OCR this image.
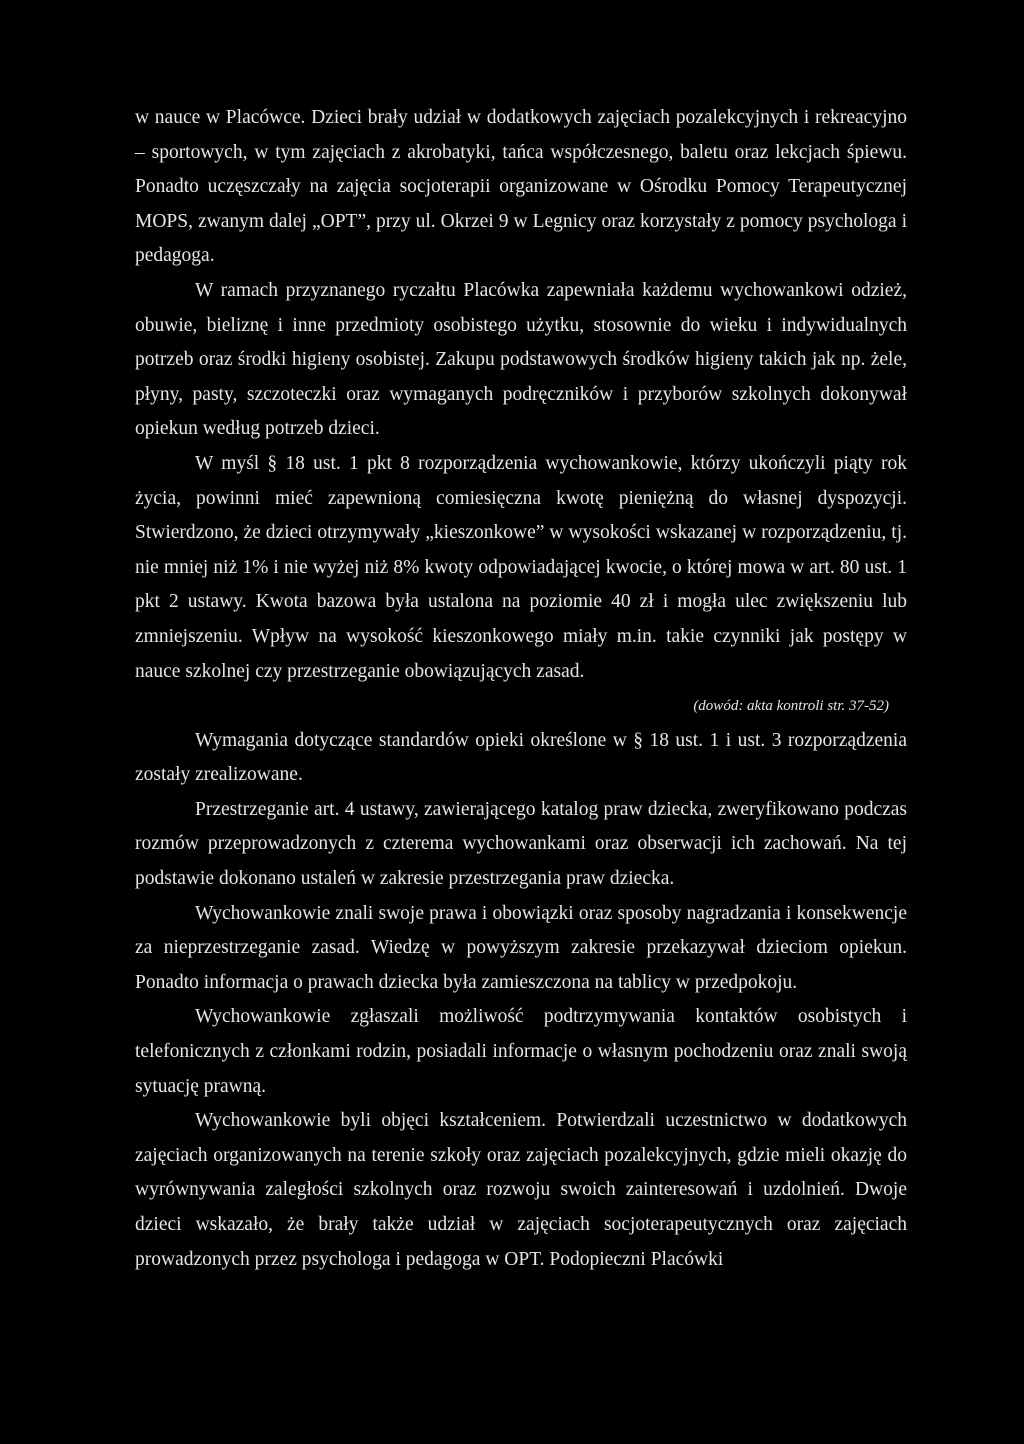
w nauce w Placówce. Dzieci brały udział w dodatkowych zajęciach pozalekcyjnych i rekreacyjno – sportowych, w tym zajęciach z akrobatyki, tańca współczesnego, baletu oraz lekcjach śpiewu. Ponadto uczęszczały na zajęcia socjoterapii organizowane w Ośrodku Pomocy Terapeutycznej MOPS, zwanym dalej „OPT”, przy ul. Okrzei 9 w Legnicy oraz korzystały z pomocy psychologa i pedagoga.

W ramach przyznanego ryczałtu Placówka zapewniała każdemu wychowankowi odzież, obuwie, bieliznę i inne przedmioty osobistego użytku, stosownie do wieku i indywidualnych potrzeb oraz środki higieny osobistej. Zakupu podstawowych środków higieny takich jak np. żele, płyny, pasty, szczoteczki oraz wymaganych podręczników i przyborów szkolnych dokonywał opiekun według potrzeb dzieci.

W myśl § 18 ust. 1 pkt 8 rozporządzenia wychowankowie, którzy ukończyli piąty rok życia, powinni mieć zapewnioną comiesięczna kwotę pieniężną do własnej dyspozycji. Stwierdzono, że dzieci otrzymywały „kieszonkowe” w wysokości wskazanej w rozporządzeniu, tj. nie mniej niż 1% i nie wyżej niż 8% kwoty odpowiadającej kwocie, o której mowa w art. 80 ust. 1 pkt 2 ustawy. Kwota bazowa była ustalona na poziomie 40 zł i mogła ulec zwiększeniu lub zmniejszeniu. Wpływ na wysokość kieszonkowego miały m.in. takie czynniki jak postępy w nauce szkolnej czy przestrzeganie obowiązujących zasad.

(dowód: akta kontroli str. 37-52)

Wymagania dotyczące standardów opieki określone w § 18 ust. 1 i ust. 3 rozporządzenia zostały zrealizowane.

Przestrzeganie art. 4 ustawy, zawierającego katalog praw dziecka, zweryfikowano podczas rozmów przeprowadzonych z czterema wychowankami oraz obserwacji ich zachowań. Na tej podstawie dokonano ustaleń w zakresie przestrzegania praw dziecka.

Wychowankowie znali swoje prawa i obowiązki oraz sposoby nagradzania i konsekwencje za nieprzestrzeganie zasad. Wiedzę w powyższym zakresie przekazywał dzieciom opiekun. Ponadto informacja o prawach dziecka była zamieszczona na tablicy w przedpokoju.

Wychowankowie zgłaszali możliwość podtrzymywania kontaktów osobistych i telefonicznych z członkami rodzin, posiadali informacje o własnym pochodzeniu oraz znali swoją sytuację prawną.

Wychowankowie byli objęci kształceniem. Potwierdzali uczestnictwo w dodatkowych zajęciach organizowanych na terenie szkoły oraz zajęciach pozalekcyjnych, gdzie mieli okazję do wyrównywania zaległości szkolnych oraz rozwoju swoich zainteresowań i uzdolnień. Dwoje dzieci wskazało, że brały także udział w zajęciach socjoterapeutycznych oraz zajęciach prowadzonych przez psychologa i pedagoga w OPT. Podopieczni Placówki
